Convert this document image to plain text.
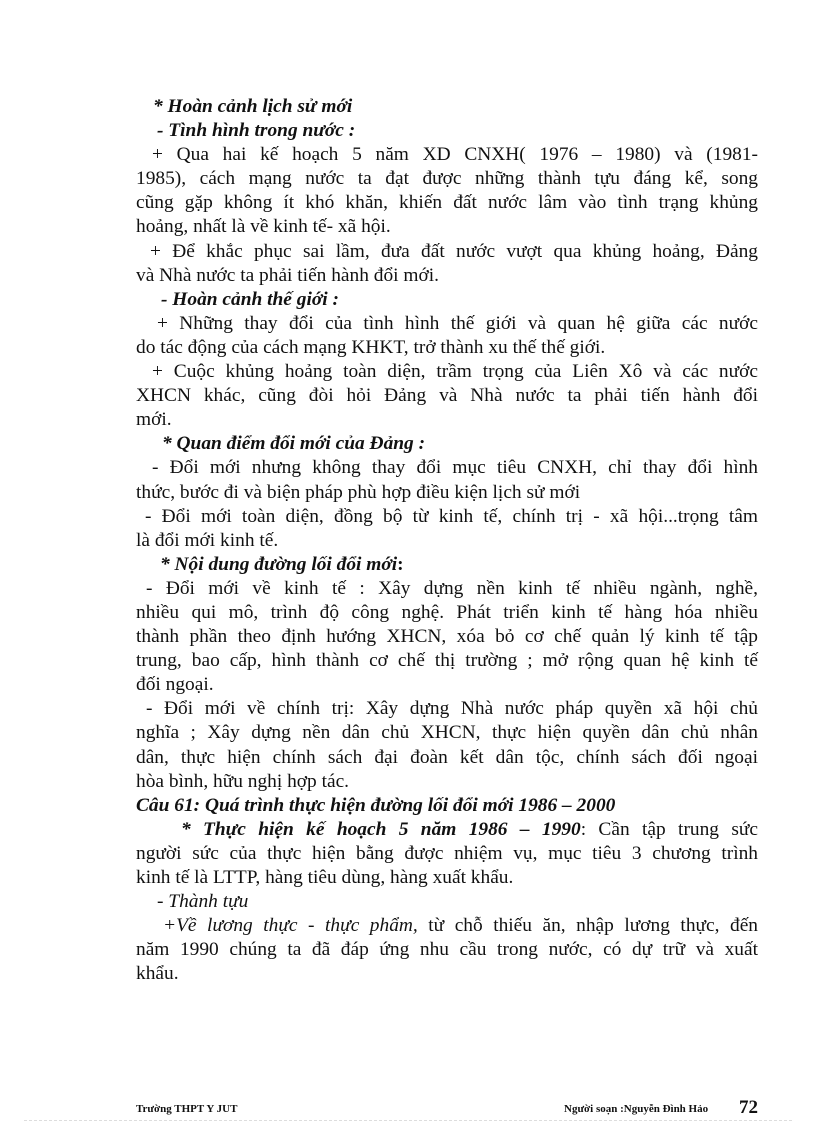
* Hoàn cảnh lịch sử mới
- Tình hình trong nước :
+ Qua hai kế hoạch 5 năm XD CNXH( 1976 – 1980) và (1981-
1985), cách mạng nước ta đạt được những thành tựu đáng kể, song
cũng gặp không ít khó khăn, khiến đất nước lâm vào tình trạng khủng
hoảng, nhất là về kinh tế- xã hội.
+ Để khắc phục sai lầm, đưa đất nước vượt qua khủng hoảng, Đảng
và Nhà nước ta phải tiến hành đổi mới.
- Hoàn cảnh thế giới :
+ Những thay đổi của tình hình thế giới và quan hệ giữa các nước
do tác động của cách mạng KHKT, trở thành xu thế thế giới.
+ Cuộc khủng hoảng toàn diện, trầm trọng của Liên Xô và các nước
XHCN khác, cũng đòi hỏi Đảng và Nhà nước ta phải tiến hành đổi
mới.
* Quan điểm đổi mới của Đảng :
- Đổi mới nhưng không thay đổi mục tiêu CNXH, chỉ thay đổi hình
thức, bước đi và biện pháp phù hợp điều kiện lịch sử mới
- Đổi mới toàn diện, đồng bộ từ kinh tế, chính trị - xã hội...trọng tâm
là đổi mới kinh tế.
* Nội dung đường lối đổi mới:
- Đổi mới về kinh tế : Xây dựng nền kinh tế nhiều ngành, nghề,
nhiều qui mô, trình độ công nghệ. Phát triển kinh tế hàng hóa nhiều
thành phần theo định hướng XHCN, xóa bỏ cơ chế quản lý kinh tế tập
trung, bao cấp, hình thành cơ chế thị trường ; mở rộng quan hệ kinh tế
đối ngoại.
- Đổi mới về chính trị: Xây dựng Nhà nước pháp quyền xã hội chủ
nghĩa ; Xây dựng nền dân chủ XHCN, thực hiện quyền dân chủ nhân
dân, thực hiện chính sách đại đoàn kết dân tộc, chính sách đối ngoại
hòa bình, hữu nghị hợp tác.
Câu 61: Quá trình thực hiện đường lối đổi mới 1986 – 2000
* Thực hiện kế hoạch 5 năm 1986 – 1990: Cần tập trung sức
người sức của thực hiện bằng được nhiệm vụ, mục tiêu 3 chương trình
kinh tế là LTTP, hàng tiêu dùng, hàng xuất khẩu.
- Thành tựu
+Về lương thực - thực phẩm, từ chỗ thiếu ăn, nhập lương thực, đến
năm 1990 chúng ta đã đáp ứng nhu cầu trong nước, có dự trữ và xuất
khẩu.
Trường THPT Y JUT	Người soạn :Nguyễn Đình Hảo 72
